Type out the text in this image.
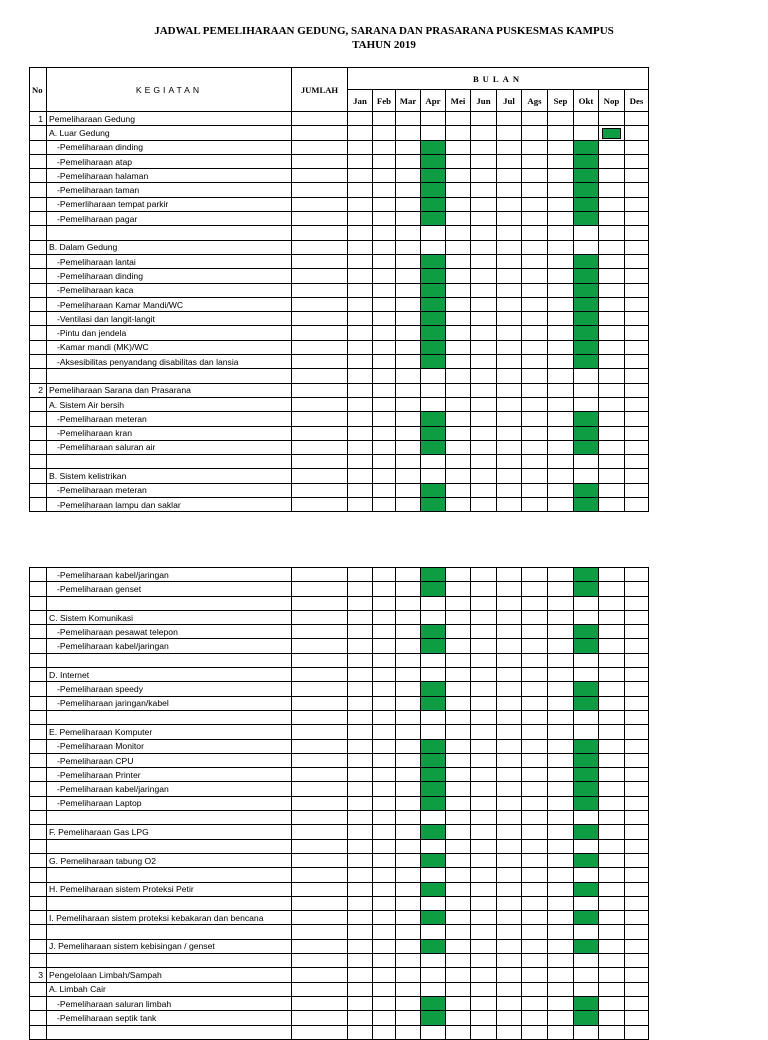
JADWAL PEMELIHARAAN GEDUNG, SARANA DAN PRASARANA PUSKESMAS KAMPUS
TAHUN 2019
No	KEGIATAN	JUMLAH	BULAN											
			Jan	Feb	Mar	Apr	Mei	Jun	Jul	Ags	Sep	Okt	Nop	Des
1	Pemeliharaan Gedung													
	A. Luar Gedung													
	-Pemeliharaan dinding													
	-Pemeliharaan atap													
	-Pemeliharaan halaman													
	-Pemeliharaan taman													
	-Pemerliharaan tempat parkir													
	-Pemeliharaan pagar													

	B. Dalam Gedung													
	-Pemeliharaan lantai													
	-Pemeliharaan dinding													
	-Pemeliharaan kaca													
	-Pemeliharaan Kamar Mandi/WC													
	-Ventilasi dan langit-langit													
	-Pintu dan jendela													
	-Kamar mandi (MK)/WC													
	-Aksesibilitas penyandang disabilitas dan lansia													

2	Pemeliharaan Sarana dan Prasarana													
	A. Sistem Air bersih													
	-Pemeliharaan meteran													
	-Pemeliharaan kran													
	-Pemeliharaan saluran air													

	B. Sistem kelistrikan													
	-Pemeliharaan meteran													
	-Pemeliharaan lampu dan saklar													
	-Pemeliharaan kabel/jaringan													
	-Pemeliharaan genset													

	C. Sistem Komunikasi													
	-Pemeliharaan pesawat telepon													
	-Pemeliharaan kabel/jaringan													

	D. Internet													
	-Pemeliharaan speedy													
	-Pemeliharaan jaringan/kabel													

	E. Pemeliharaan Komputer													
	-Pemeliharaan Monitor													
	-Pemeliharaan CPU													
	-Pemeliharaan Printer													
	-Pemeliharaan kabel/jaringan													
	-Pemeliharaan Laptop													

	F. Pemeliharaan Gas LPG													

	G. Pemeliharaan tabung O2													

	H. Pemeliharaan sistem Proteksi Petir													

	I. Pemeliharaan sistem proteksi kebakaran dan bencana													

	J. Pemeliharaan sistem kebisingan / genset													

3	Pengelolaan Limbah/Sampah													
	A. Limbah Cair													
	-Pemeliharaan saluran limbah													
	-Pemeliharaan septik tank													
